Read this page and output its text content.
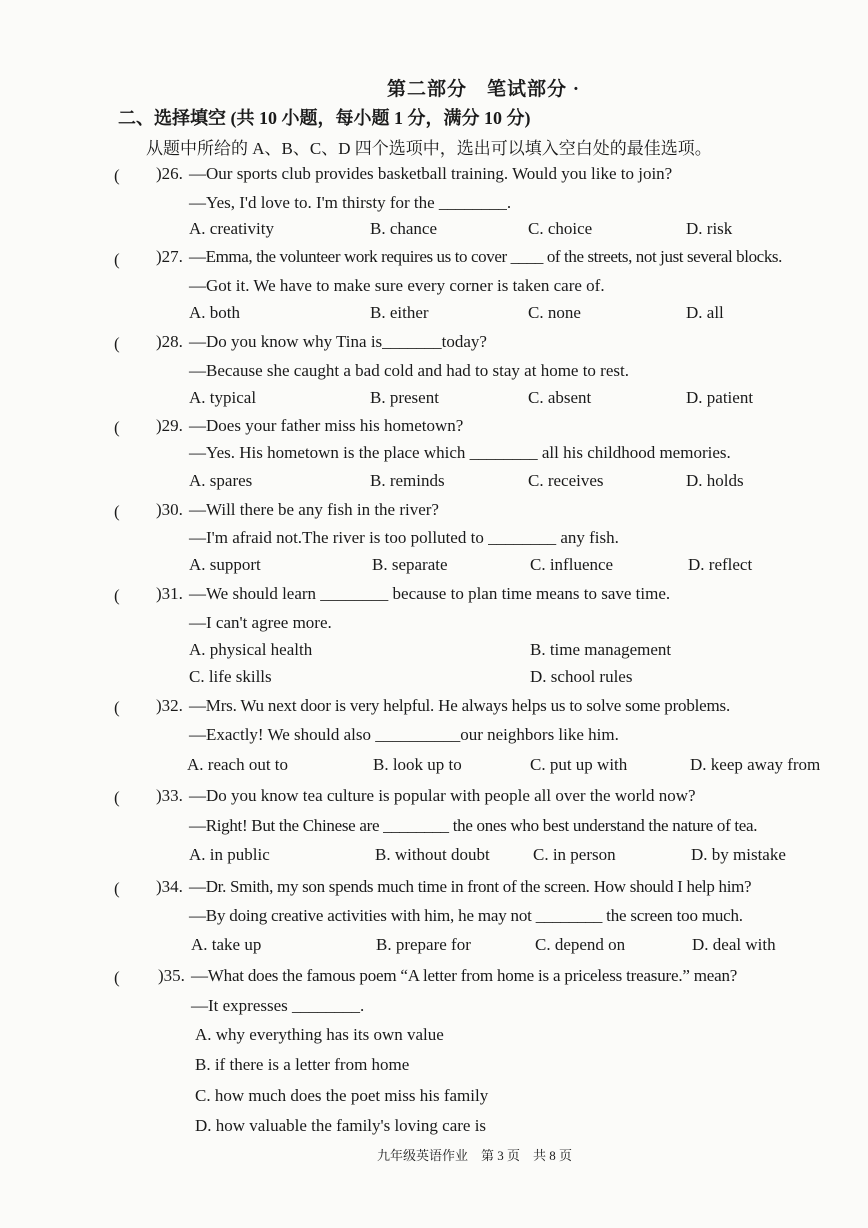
第二部分　笔试部分 ·
二、选择填空 (共 10 小题，每小题 1 分，满分 10 分)
从题中所给的 A、B、C、D 四个选项中，选出可以填入空白处的最佳选项。
( )26. —Our sports club provides basketball training. Would you like to join?
—Yes, I'd love to. I'm thirsty for the ________.
A. creativity	B. chance	C. choice	D. risk
( )27. —Emma, the volunteer work requires us to cover ____ of the streets, not just several blocks.
—Got it. We have to make sure every corner is taken care of.
A. both	B. either	C. none	D. all
( )28. —Do you know why Tina is_______today?
—Because she caught a bad cold and had to stay at home to rest.
A. typical	B. present	C. absent	D. patient
( )29. —Does your father miss his hometown?
—Yes. His hometown is the place which ________ all his childhood memories.
A. spares	B. reminds	C. receives	D. holds
( )30. —Will there be any fish in the river?
—I'm afraid not.The river is too polluted to ________ any fish.
A. support	B. separate	C. influence	D. reflect
( )31. —We should learn ________ because to plan time means to save time.
—I can't agree more.
A. physical health	B. time management
C. life skills	D. school rules
( )32. —Mrs. Wu next door is very helpful. He always helps us to solve some problems.
—Exactly! We should also __________our neighbors like him.
A. reach out to	B. look up to	C. put up with	D. keep away from
( )33. —Do you know tea culture is popular with people all over the world now?
—Right! But the Chinese are ________ the ones who best understand the nature of tea.
A. in public	B. without doubt	C. in person	D. by mistake
( )34. —Dr. Smith, my son spends much time in front of the screen. How should I help him?
—By doing creative activities with him, he may not ________ the screen too much.
A. take up	B. prepare for	C. depend on	D. deal with
( )35. —What does the famous poem “A letter from home is a priceless treasure.” mean?
—It expresses ________.
A. why everything has its own value
B. if there is a letter from home
C. how much does the poet miss his family
D. how valuable the family's loving care is
九年级英语作业　第 3 页　共 8 页
